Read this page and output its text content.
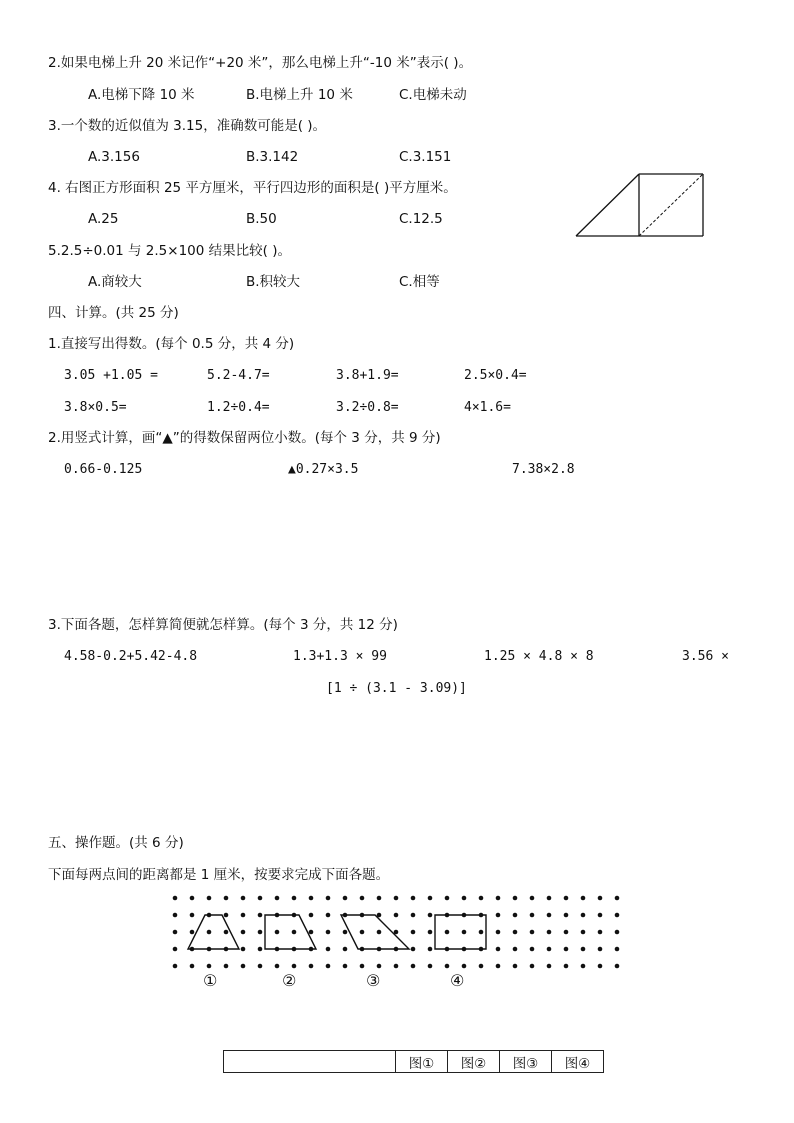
2.如果电梯上升 20 米记作“+20 米”，那么电梯上升“-10 米”表示( )。
A.电梯下降 10 米	B.电梯上升 10 米	C.电梯未动
3.一个数的近似值为 3.15，准确数可能是( )。
A.3.156	B.3.142	C.3.151
4. 右图正方形面积 25 平方厘米，平行四边形的面积是( )平方厘米。
A.25	B.50	C.12.5
5.2.5÷0.01 与 2.5×100 结果比较( )。
A.商较大	B.积较大	C.相等
四、计算。(共 25 分)
1.直接写出得数。(每个 0.5 分，共 4 分)
3.05 +1.05 =	5.2-4.7=	3.8+1.9=	2.5×0.4=
3.8×0.5=	1.2÷0.4=	3.2÷0.8=	4×1.6=
2.用竖式计算，画“▲”的得数保留两位小数。(每个 3 分，共 9 分)
0.66-0.125	▲0.27×3.5	7.38×2.8
3.下面各题，怎样算简便就怎样算。(每个 3 分，共 12 分)
4.58-0.2+5.42-4.8	1.3+1.3 × 99	1.25 × 4.8 × 8	3.56 ×
[1 ÷ (3.1 - 3.09)]
五、操作题。(共 6 分)
下面每两点间的距离都是 1 厘米，按要求完成下面各题。
①	②	③	④
	图①	图②	图③	图④
